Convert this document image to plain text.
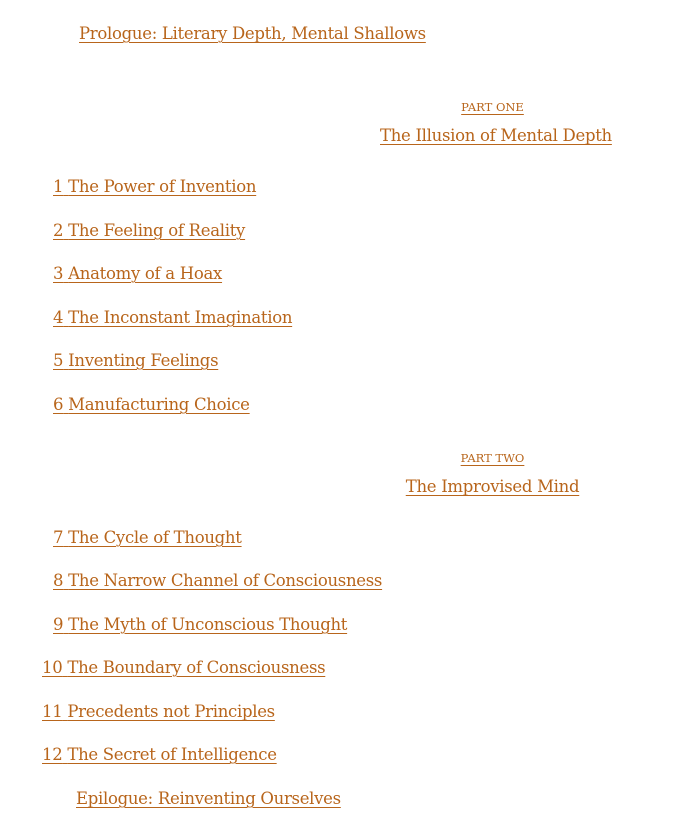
Prologue: Literary Depth, Mental Shallows
PART ONE
The Illusion of Mental Depth
1 The Power of Invention
2 The Feeling of Reality
3 Anatomy of a Hoax
4 The Inconstant Imagination
5 Inventing Feelings
6 Manufacturing Choice
PART TWO
The Improvised Mind
7 The Cycle of Thought
8 The Narrow Channel of Consciousness
9 The Myth of Unconscious Thought
10 The Boundary of Consciousness
11 Precedents not Principles
12 The Secret of Intelligence
Epilogue: Reinventing Ourselves
